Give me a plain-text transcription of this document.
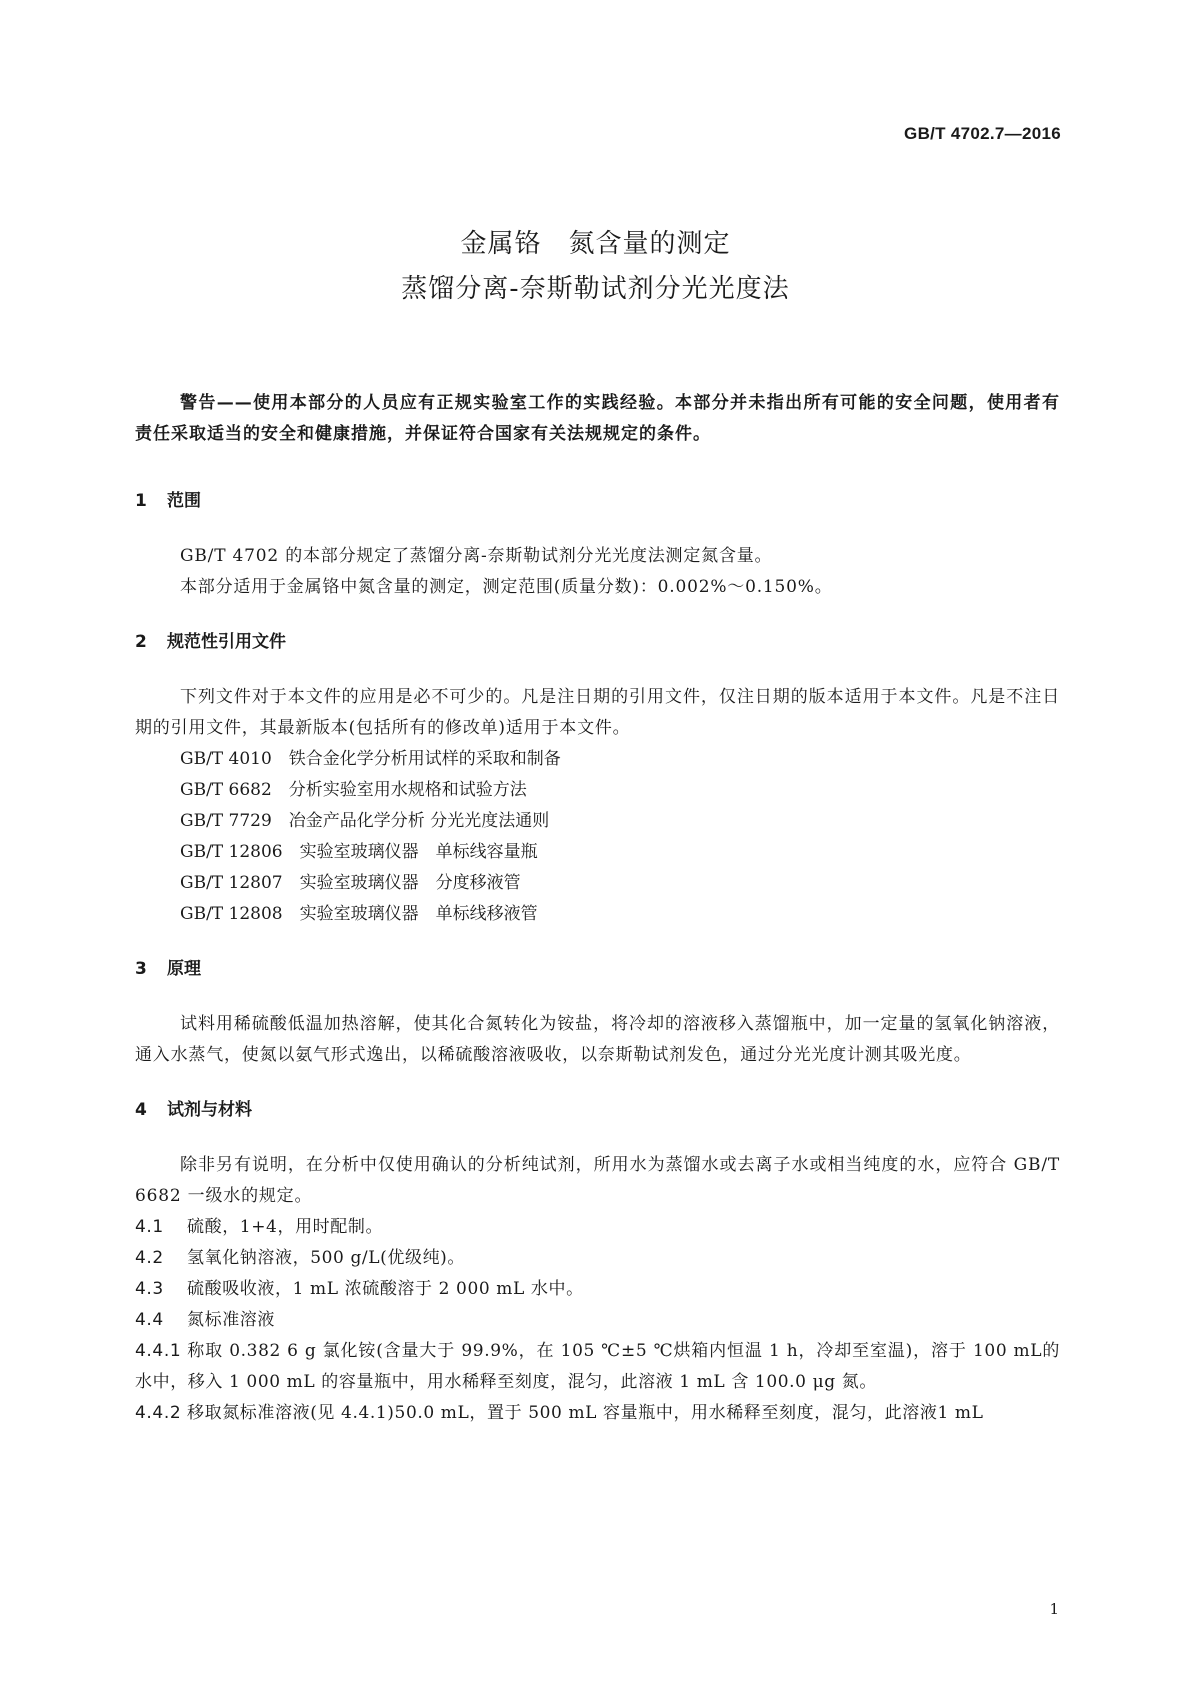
GB/T 4702.7—2016
金属铬　氮含量的测定
蒸馏分离-奈斯勒试剂分光光度法

警告——使用本部分的人员应有正规实验室工作的实践经验。本部分并未指出所有可能的安全问题，使用者有责任采取适当的安全和健康措施，并保证符合国家有关法规规定的条件。

1 范围

GB/T 4702 的本部分规定了蒸馏分离-奈斯勒试剂分光光度法测定氮含量。

本部分适用于金属铬中氮含量的测定，测定范围(质量分数)：0.002%～0.150%。

2 规范性引用文件

下列文件对于本文件的应用是必不可少的。凡是注日期的引用文件，仅注日期的版本适用于本文件。凡是不注日期的引用文件，其最新版本(包括所有的修改单)适用于本文件。

GB/T 4010　铁合金化学分析用试样的采取和制备

GB/T 6682　分析实验室用水规格和试验方法

GB/T 7729　冶金产品化学分析 分光光度法通则

GB/T 12806　实验室玻璃仪器　单标线容量瓶

GB/T 12807　实验室玻璃仪器　分度移液管

GB/T 12808　实验室玻璃仪器　单标线移液管

3 原理

试料用稀硫酸低温加热溶解，使其化合氮转化为铵盐，将冷却的溶液移入蒸馏瓶中，加一定量的氢氧化钠溶液，通入水蒸气，使氮以氨气形式逸出，以稀硫酸溶液吸收，以奈斯勒试剂发色，通过分光光度计测其吸光度。

4 试剂与材料

除非另有说明，在分析中仅使用确认的分析纯试剂，所用水为蒸馏水或去离子水或相当纯度的水，应符合 GB/T 6682 一级水的规定。

4.1 硫酸，1+4，用时配制。

4.2 氢氧化钠溶液，500 g/L(优级纯)。

4.3 硫酸吸收液，1 mL 浓硫酸溶于 2 000 mL 水中。

4.4 氮标准溶液

4.4.1 称取 0.382 6 g 氯化铵(含量大于 99.9%，在 105 ℃±5 ℃烘箱内恒温 1 h，冷却至室温)，溶于 100 mL的水中，移入 1 000 mL 的容量瓶中，用水稀释至刻度，混匀，此溶液 1 mL 含 100.0 μg 氮。

4.4.2 移取氮标准溶液(见 4.4.1)50.0 mL，置于 500 mL 容量瓶中，用水稀释至刻度，混匀，此溶液1 mL

1
